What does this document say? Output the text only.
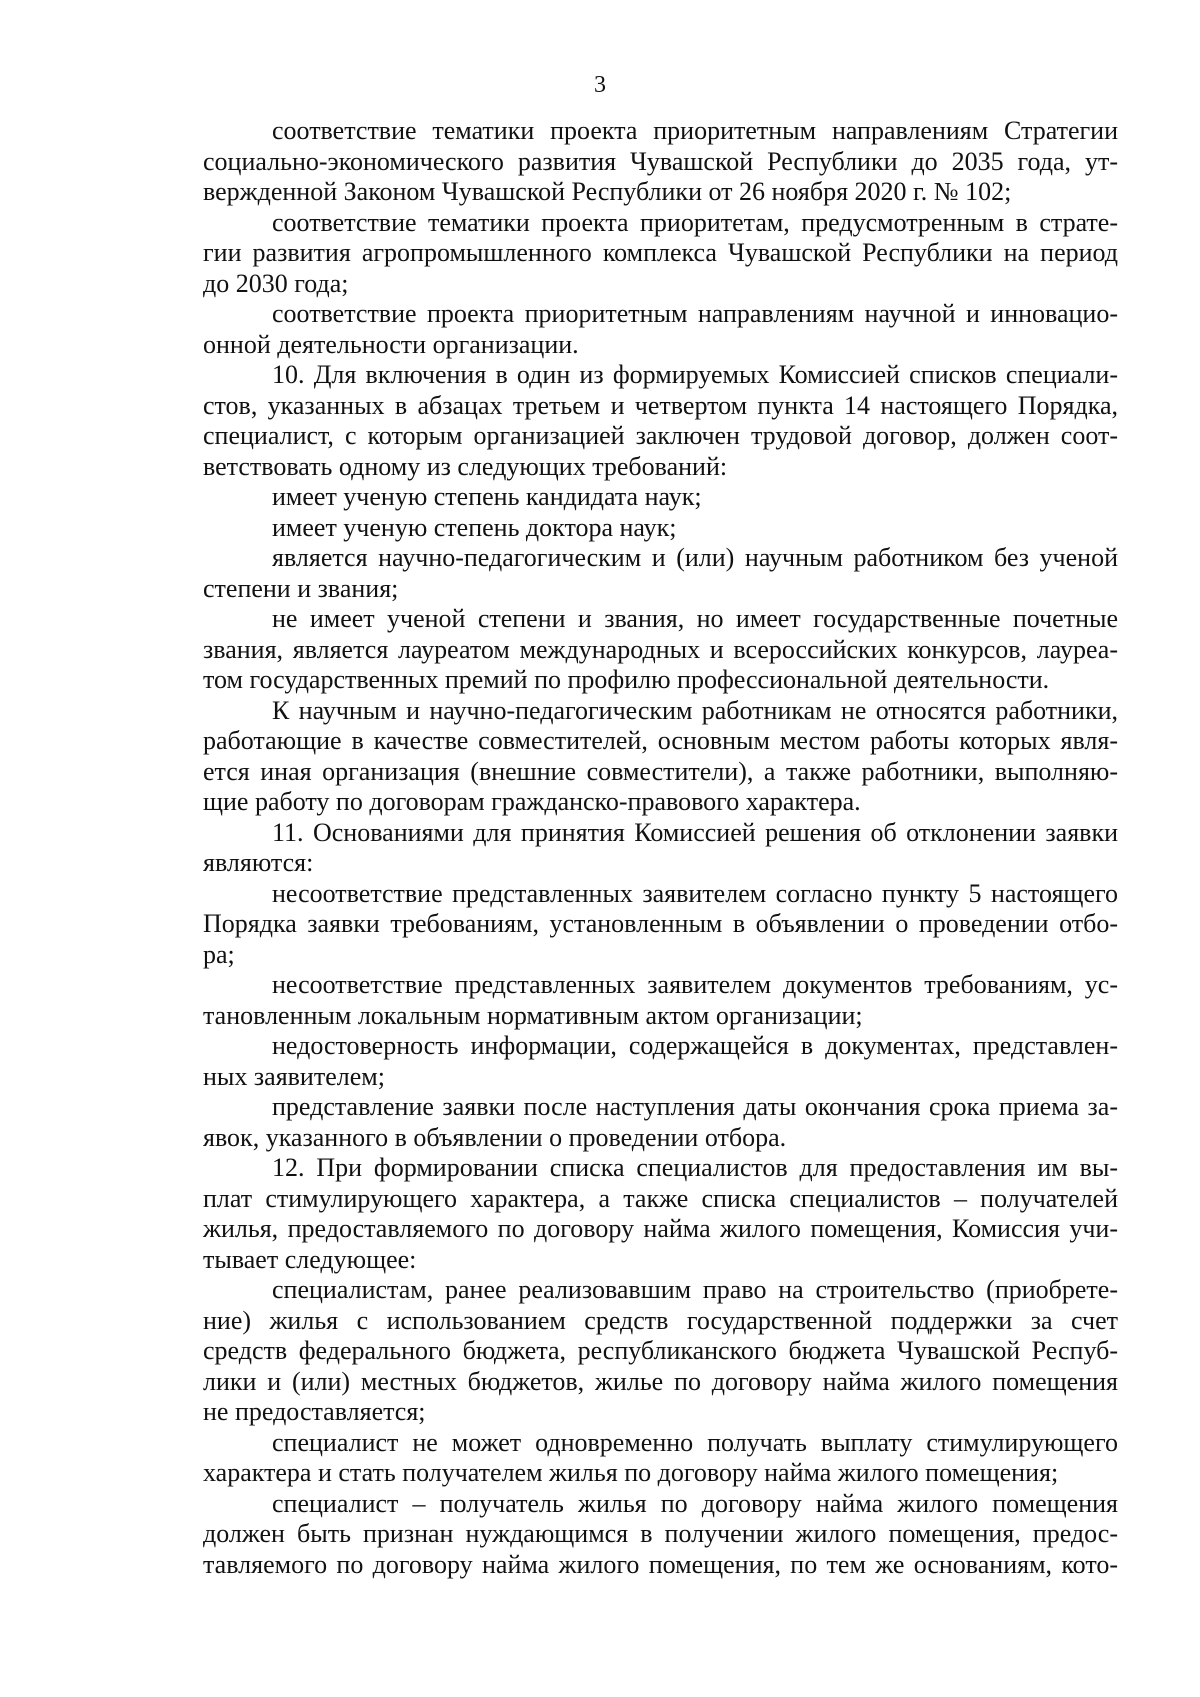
3

соответствие тематики проекта приоритетным направлениям Стратегии
социально-экономического развития Чувашской Республики до 2035 года, ут-
вержденной Законом Чувашской Республики от 26 ноября 2020 г. № 102;

соответствие тематики проекта приоритетам, предусмотренным в страте-
гии развития агропромышленного комплекса Чувашской Республики на период
до 2030 года;

соответствие проекта приоритетным направлениям научной и инновацио-
онной деятельности организации.

10. Для включения в один из формируемых Комиссией списков специали-
стов, указанных в абзацах третьем и четвертом пункта 14 настоящего Порядка,
специалист, с которым организацией заключен трудовой договор, должен соот-
ветствовать одному из следующих требований:

имеет ученую степень кандидата наук;

имеет ученую степень доктора наук;

является научно-педагогическим и (или) научным работником без ученой
степени и звания;

не имеет ученой степени и звания, но имеет государственные почетные
звания, является лауреатом международных и всероссийских конкурсов, лауреа-
том государственных премий по профилю профессиональной деятельности.

К научным и научно-педагогическим работникам не относятся работники,
работающие в качестве совместителей, основным местом работы которых явля-
ется иная организация (внешние совместители), а также работники, выполняю-
щие работу по договорам гражданско-правового характера.

11. Основаниями для принятия Комиссией решения об отклонении заявки
являются:

несоответствие представленных заявителем согласно пункту 5 настоящего
Порядка заявки требованиям, установленным в объявлении о проведении отбо-
ра;

несоответствие представленных заявителем документов требованиям, ус-
тановленным локальным нормативным актом организации;

недостоверность информации, содержащейся в документах, представлен-
ных заявителем;

представление заявки после наступления даты окончания срока приема за-
явок, указанного в объявлении о проведении отбора.

12. При формировании списка специалистов для предоставления им вы-
плат стимулирующего характера, а также списка специалистов – получателей
жилья, предоставляемого по договору найма жилого помещения, Комиссия учи-
тывает следующее:

специалистам, ранее реализовавшим право на строительство (приобрете-
ние) жилья с использованием средств государственной поддержки за счет
средств федерального бюджета, республиканского бюджета Чувашской Респуб-
лики и (или) местных бюджетов, жилье по договору найма жилого помещения
не предоставляется;

специалист не может одновременно получать выплату стимулирующего
характера и стать получателем жилья по договору найма жилого помещения;

специалист – получатель жилья по договору найма жилого помещения
должен быть признан нуждающимся в получении жилого помещения, предос-
тавляемого по договору найма жилого помещения, по тем же основаниям, кото-
